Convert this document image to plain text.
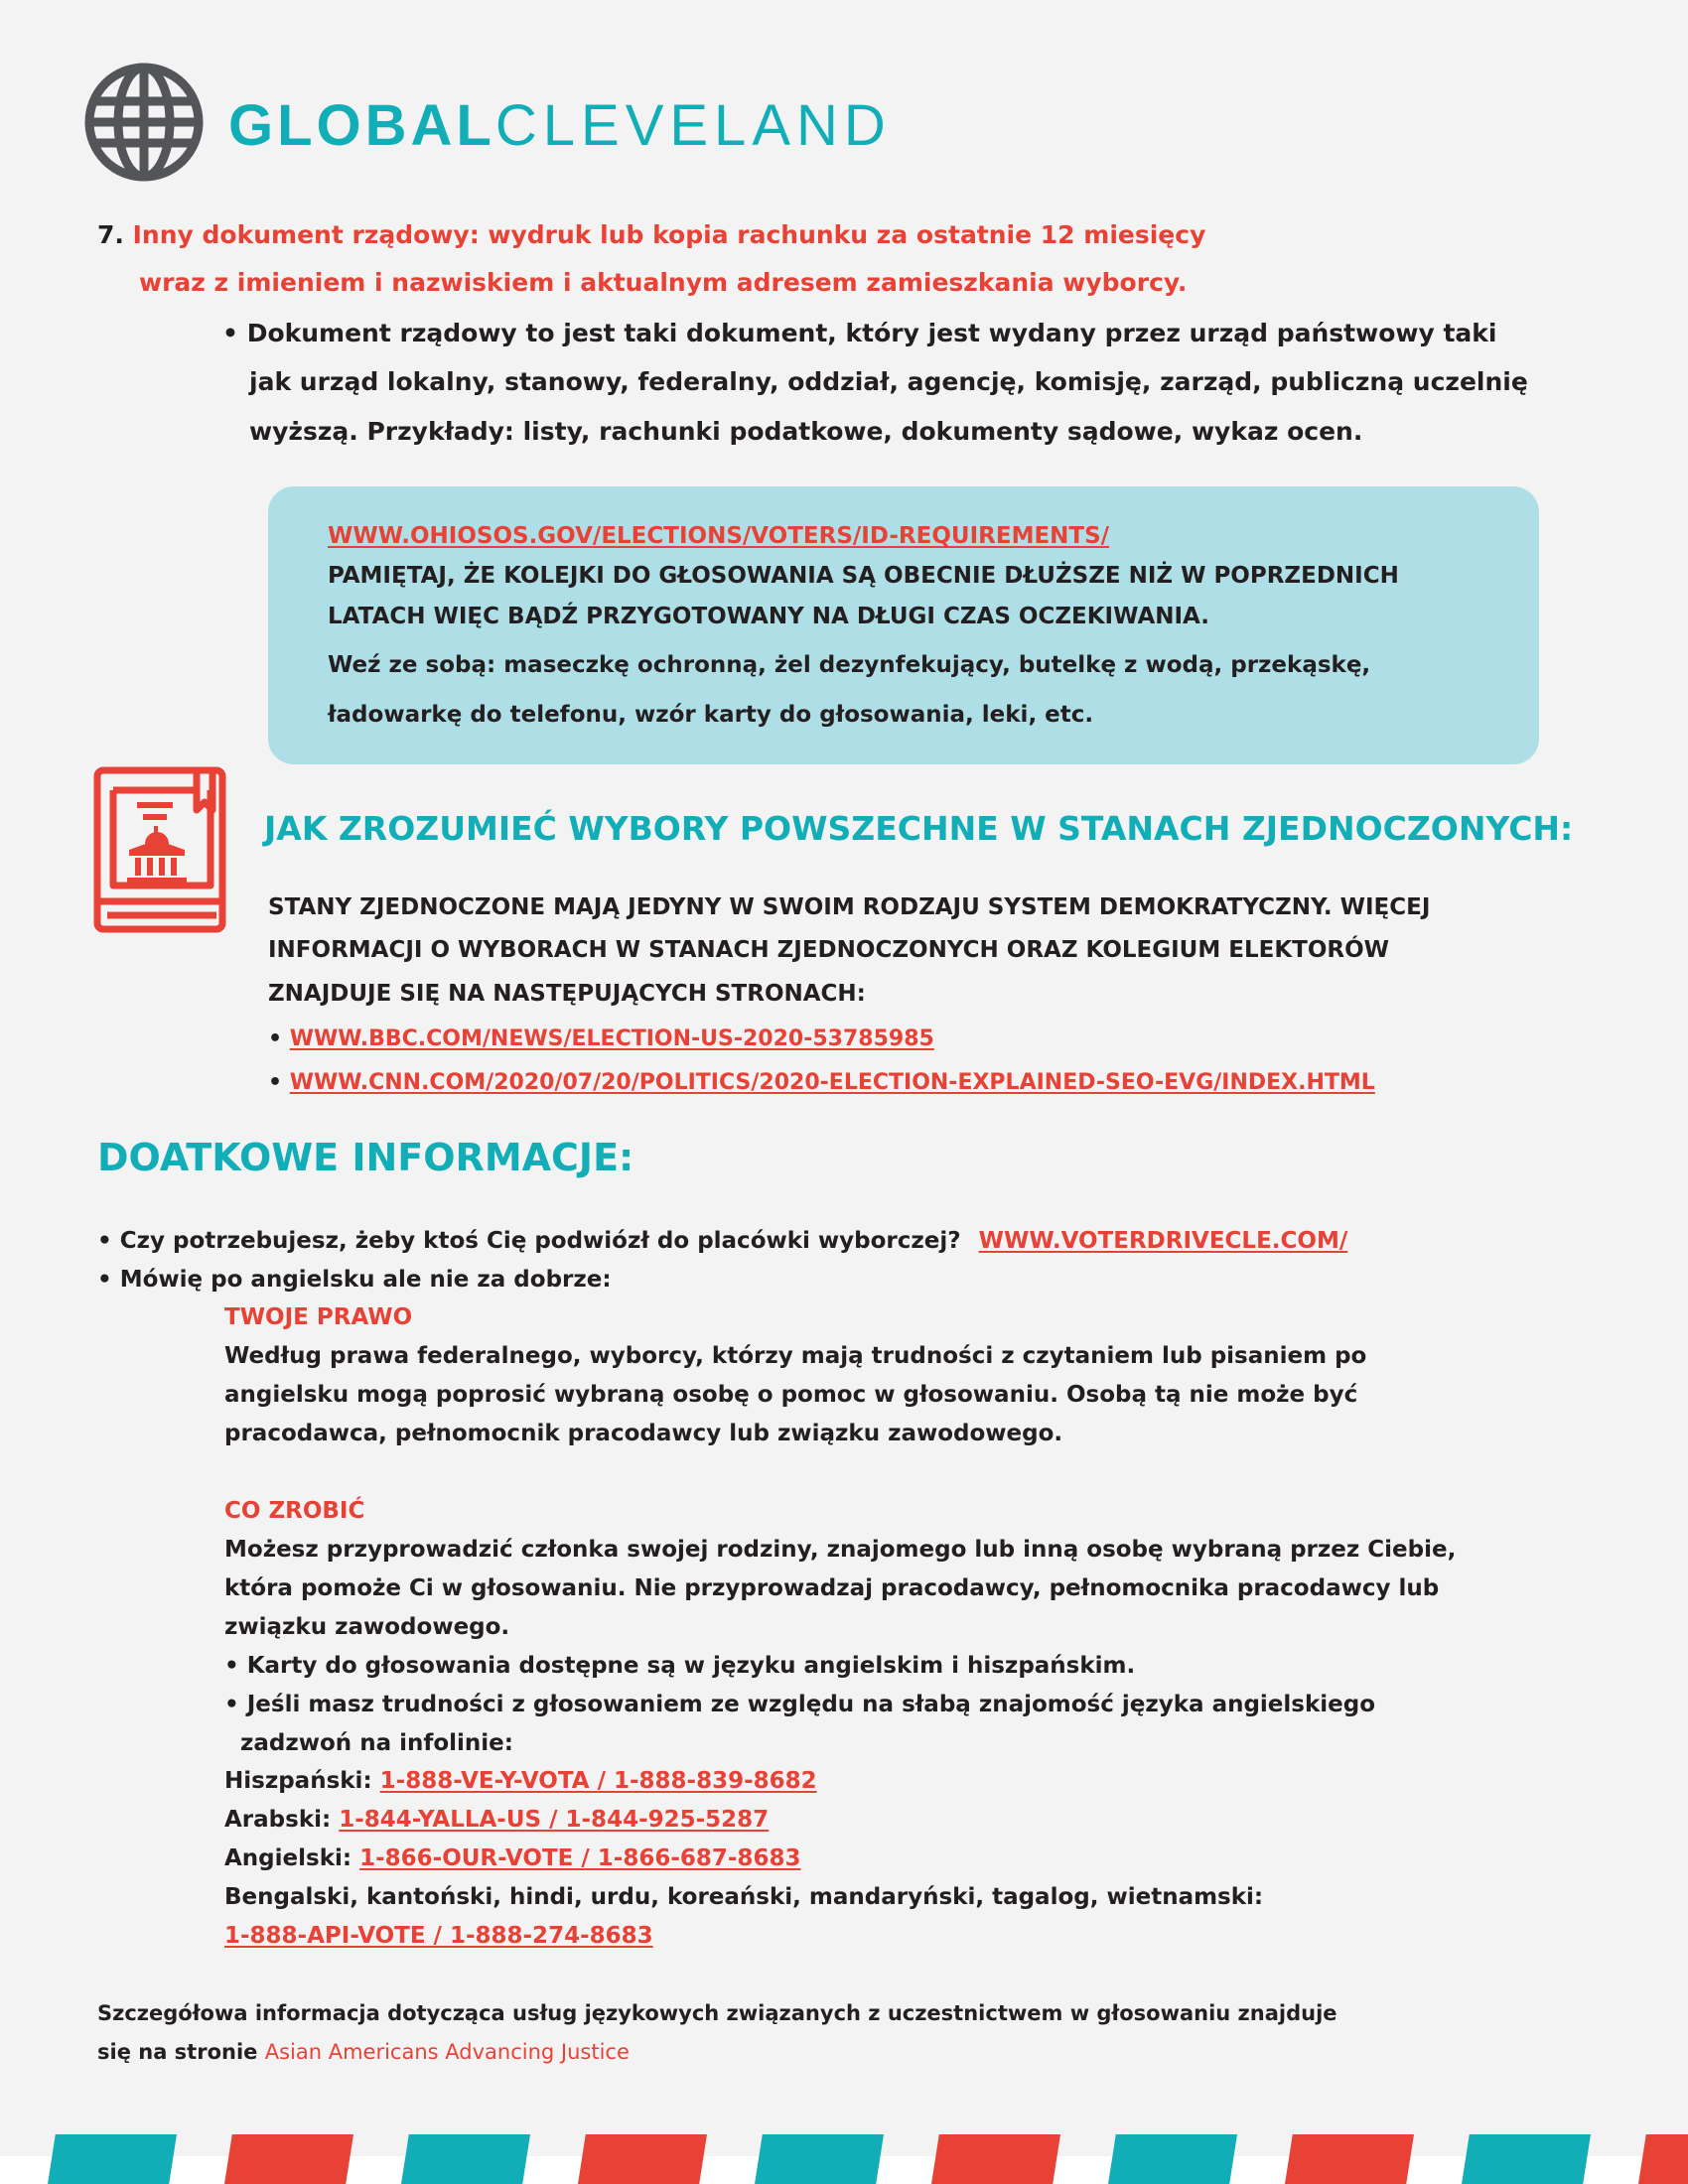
GLOBALCLEVELAND
7. Inny dokument rządowy: wydruk lub kopia rachunku za ostatnie 12 miesięcy
wraz z imieniem i nazwiskiem i aktualnym adresem zamieszkania wyborcy.
• Dokument rządowy to jest taki dokument, który jest wydany przez urząd państwowy taki
jak urząd lokalny, stanowy, federalny, oddział, agencję, komisję, zarząd, publiczną uczelnię
wyższą. Przykłady: listy, rachunki podatkowe, dokumenty sądowe, wykaz ocen.
WWW.OHIOSOS.GOV/ELECTIONS/VOTERS/ID-REQUIREMENTS/
PAMIĘTAJ, ŻE KOLEJKI DO GŁOSOWANIA SĄ OBECNIE DŁUŻSZE NIŻ W POPRZEDNICH
LATACH WIĘC BĄDŹ PRZYGOTOWANY NA DŁUGI CZAS OCZEKIWANIA.
Weź ze sobą: maseczkę ochronną, żel dezynfekujący, butelkę z wodą, przekąskę,
ładowarkę do telefonu, wzór karty do głosowania, leki, etc.
JAK ZROZUMIEĆ WYBORY POWSZECHNE W STANACH ZJEDNOCZONYCH:
STANY ZJEDNOCZONE MAJĄ JEDYNY W SWOIM RODZAJU SYSTEM DEMOKRATYCZNY. WIĘCEJ
INFORMACJI O WYBORACH W STANACH ZJEDNOCZONYCH ORAZ KOLEGIUM ELEKTORÓW
ZNAJDUJE SIĘ NA NASTĘPUJĄCYCH STRONACH:
• WWW.BBC.COM/NEWS/ELECTION-US-2020-53785985
• WWW.CNN.COM/2020/07/20/POLITICS/2020-ELECTION-EXPLAINED-SEO-EVG/INDEX.HTML
DOATKOWE INFORMACJE:
• Czy potrzebujesz, żeby ktoś Cię podwiózł do placówki wyborczej? WWW.VOTERDRIVECLE.COM/
• Mówię po angielsku ale nie za dobrze:
TWOJE PRAWO
Według prawa federalnego, wyborcy, którzy mają trudności z czytaniem lub pisaniem po
angielsku mogą poprosić wybraną osobę o pomoc w głosowaniu. Osobą tą nie może być
pracodawca, pełnomocnik pracodawcy lub związku zawodowego.
CO ZROBIĆ
Możesz przyprowadzić członka swojej rodziny, znajomego lub inną osobę wybraną przez Ciebie,
która pomoże Ci w głosowaniu. Nie przyprowadzaj pracodawcy, pełnomocnika pracodawcy lub
związku zawodowego.
• Karty do głosowania dostępne są w języku angielskim i hiszpańskim.
• Jeśli masz trudności z głosowaniem ze względu na słabą znajomość języka angielskiego
zadzwoń na infolinie:
Hiszpański: 1-888-VE-Y-VOTA / 1-888-839-8682
Arabski: 1-844-YALLA-US / 1-844-925-5287
Angielski: 1-866-OUR-VOTE / 1-866-687-8683
Bengalski, kantoński, hindi, urdu, koreański, mandaryński, tagalog, wietnamski:
1-888-API-VOTE / 1-888-274-8683
Szczegółowa informacja dotycząca usług językowych związanych z uczestnictwem w głosowaniu znajduje
się na stronie Asian Americans Advancing Justice
